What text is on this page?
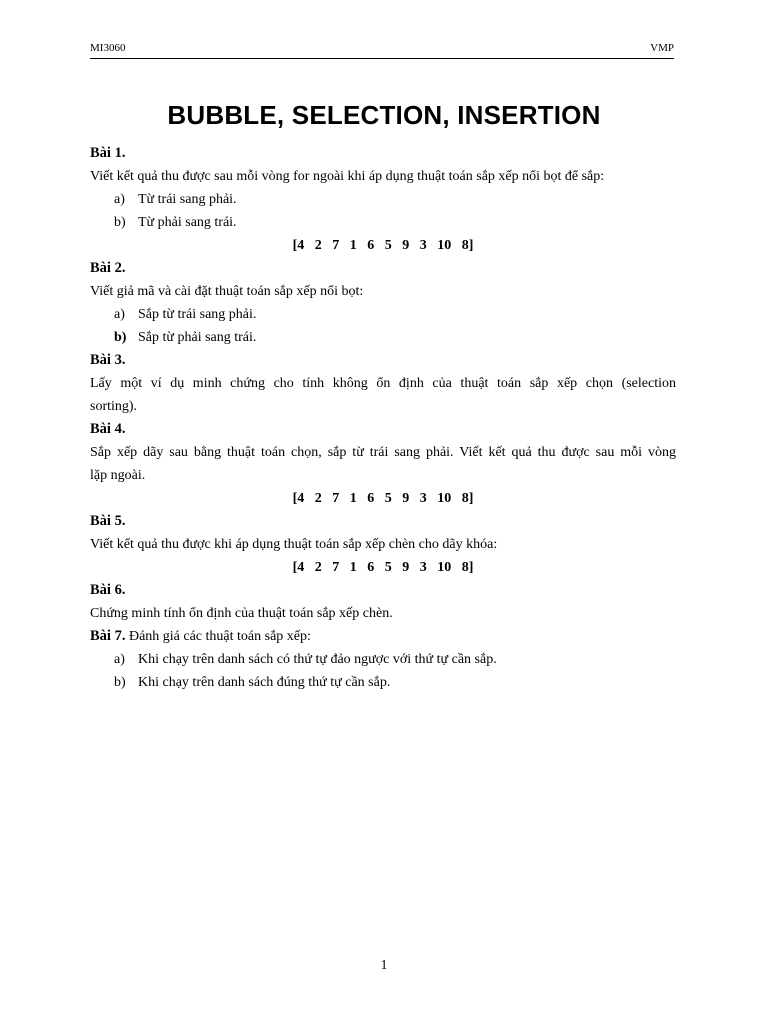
MI3060	VMP
BUBBLE, SELECTION, INSERTION
Bài 1.
Viết kết quả thu được sau mỗi vòng for ngoài khi áp dụng thuật toán sắp xếp nổi bọt để sắp:
a) Từ trái sang phải.
b) Từ phải sang trái.
[4 2 7 1 6 5 9 3 10 8]
Bài 2.
Viết giả mã và cài đặt thuật toán sắp xếp nổi bọt:
a) Sắp từ trái sang phải.
b) Sắp từ phải sang trái.
Bài 3.
Lấy một ví dụ minh chứng cho tính không ổn định của thuật toán sắp xếp chọn (selection
sorting).
Bài 4.
Sắp xếp dãy sau bằng thuật toán chọn, sắp từ trái sang phải. Viết kết quả thu được sau mỗi vòng
lặp ngoài.
[4 2 7 1 6 5 9 3 10 8]
Bài 5.
Viết kết quả thu được khi áp dụng thuật toán sắp xếp chèn cho dãy khóa:
[4 2 7 1 6 5 9 3 10 8]
Bài 6.
Chứng minh tính ổn định của thuật toán sắp xếp chèn.
Bài 7. Đánh giá các thuật toán sắp xếp:
a) Khi chạy trên danh sách có thứ tự đảo ngược với thứ tự cần sắp.
b) Khi chạy trên danh sách đúng thứ tự cần sắp.
1
